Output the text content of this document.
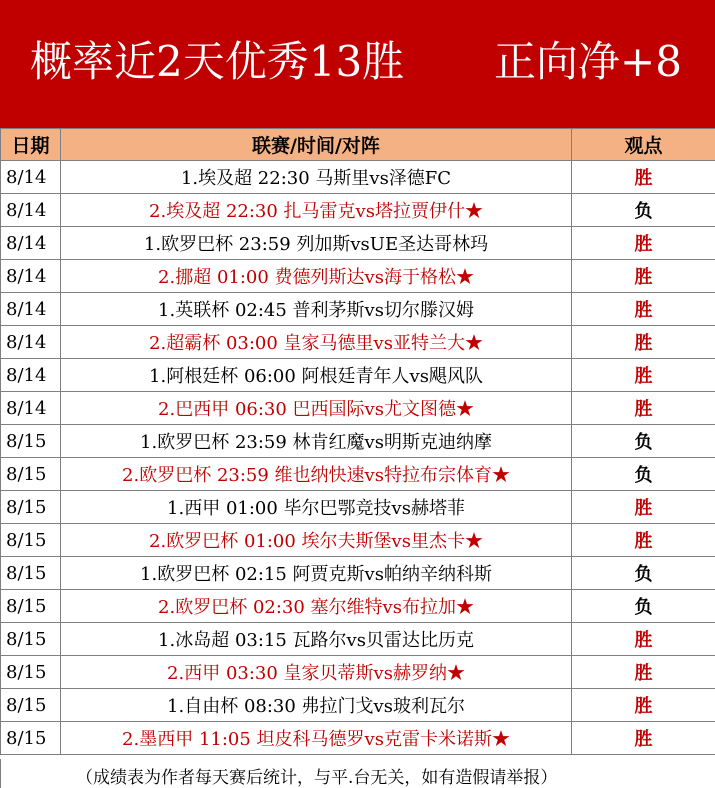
概率近2天优秀13胜 正向净+8
日期	联赛/时间/对阵	观点
8/14	1.埃及超 22:30 马斯里vs泽德FC	胜
8/14	2.埃及超 22:30 扎马雷克vs塔拉贾伊什★	负
8/14	1.欧罗巴杯 23:59 列加斯vsUE圣达哥林玛	胜
8/14	2.挪超 01:00 费德列斯达vs海于格松★	胜
8/14	1.英联杯 02:45 普利茅斯vs切尔滕汉姆	胜
8/14	2.超霸杯 03:00 皇家马德里vs亚特兰大★	胜
8/14	1.阿根廷杯 06:00 阿根廷青年人vs飓风队	胜
8/14	2.巴西甲 06:30 巴西国际vs尤文图德★	胜
8/15	1.欧罗巴杯 23:59 林肯红魔vs明斯克迪纳摩	负
8/15	2.欧罗巴杯 23:59 维也纳快速vs特拉布宗体育★	负
8/15	1.西甲 01:00 毕尔巴鄂竞技vs赫塔菲	胜
8/15	2.欧罗巴杯 01:00 埃尔夫斯堡vs里杰卡★	胜
8/15	1.欧罗巴杯 02:15 阿贾克斯vs帕纳辛纳科斯	负
8/15	2.欧罗巴杯 02:30 塞尔维特vs布拉加★	负
8/15	1.冰岛超 03:15 瓦路尔vs贝雷达比历克	胜
8/15	2.西甲 03:30 皇家贝蒂斯vs赫罗纳★	胜
8/15	1.自由杯 08:30 弗拉门戈vs玻利瓦尔	胜
8/15	2.墨西甲 11:05 坦皮科马德罗vs克雷卡米诺斯★	胜
（成绩表为作者每天赛后统计，与平.台无关，如有造假请举报）
